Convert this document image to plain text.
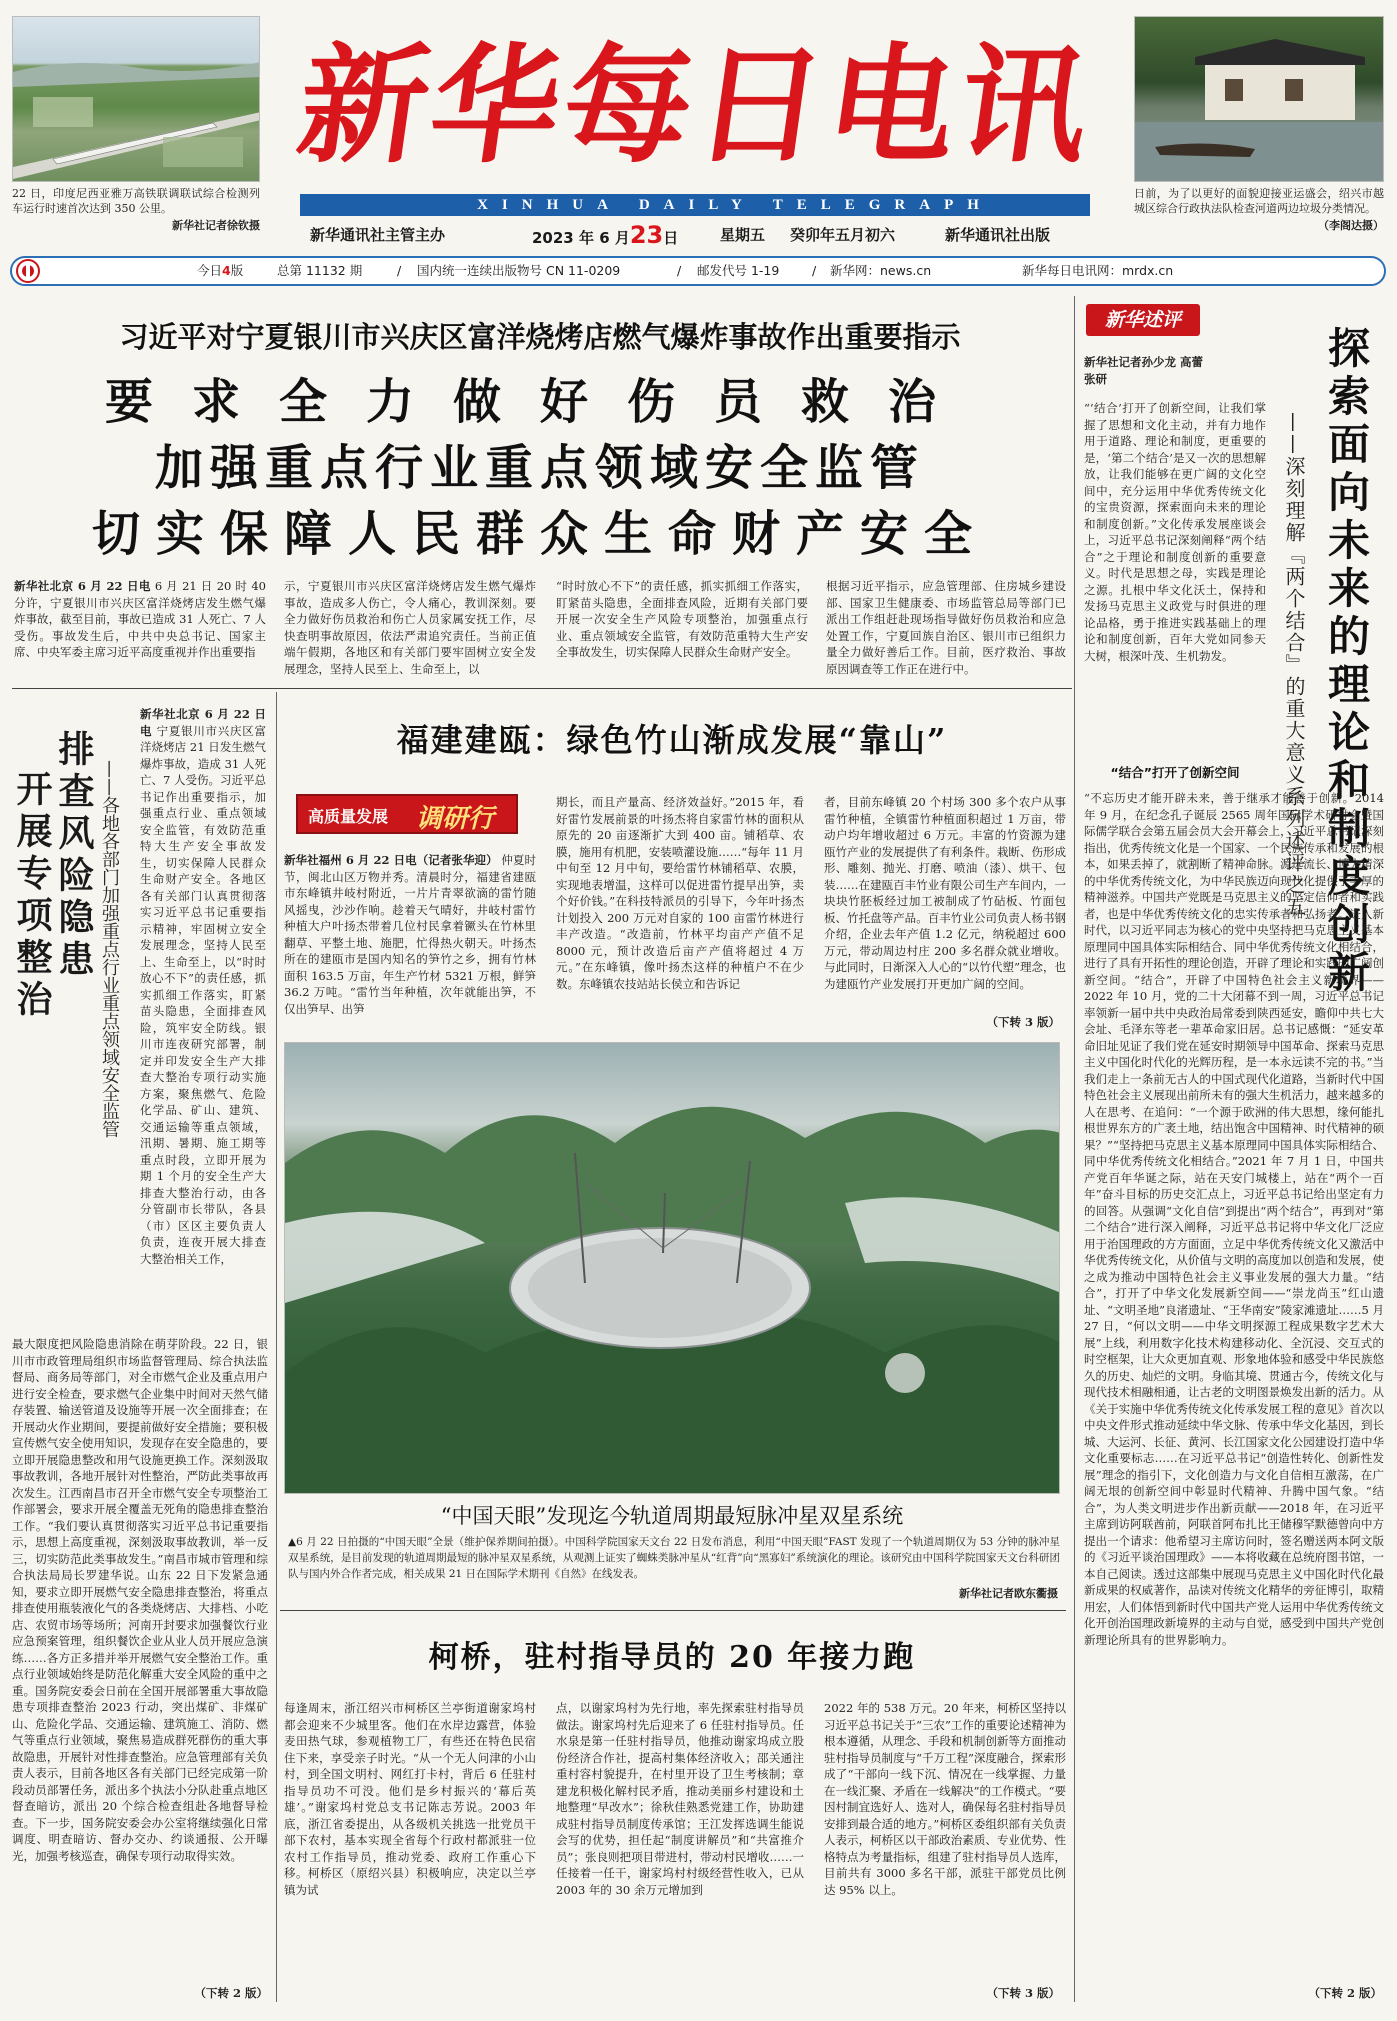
22 日，印度尼西亚雅万高铁联调联试综合检测列车运行时速首次达到 350 公里。
新华社记者徐钦摄
新华每日电讯
XINHUA DAILY TELEGRAPH
新华通讯社主管主办	2023 年 6 月23日	星期五 癸卯年五月初六	新华通讯社出版
日前，为了以更好的面貌迎接亚运盛会，绍兴市越城区综合行政执法队检查河道两边垃圾分类情况。
（李阁达摄）
今日4版	总第 11132 期	/ 国内统一连续出版物号 CN 11-0209	/ 邮发代号 1-19	/ 新华网：news.cn	新华每日电讯网：mrdx.cn
习近平对宁夏银川市兴庆区富洋烧烤店燃气爆炸事故作出重要指示
要求全力做好伤员救治
加强重点行业重点领域安全监管
切实保障人民群众生命财产安全
新华社北京 6 月 22 日电 6 月 21 日 20 时 40 分许，宁夏银川市兴庆区富洋烧烤店发生燃气爆炸事故，截至目前，事故已造成 31 人死亡、7 人受伤。事故发生后，中共中央总书记、国家主席、中央军委主席习近平高度重视并作出重要指
示，宁夏银川市兴庆区富洋烧烤店发生燃气爆炸事故，造成多人伤亡，令人痛心，教训深刻。要全力做好伤员救治和伤亡人员家属安抚工作，尽快查明事故原因，依法严肃追究责任。当前正值端午假期，各地区和有关部门要牢固树立安全发展理念，坚持人民至上、生命至上，以
“时时放心不下”的责任感，抓实抓细工作落实，盯紧苗头隐患，全面排查风险，近期有关部门要开展一次安全生产风险专项整治，加强重点行业、重点领域安全监管，有效防范重特大生产安全事故发生，切实保障人民群众生命财产安全。
根据习近平指示，应急管理部、住房城乡建设部、国家卫生健康委、市场监管总局等部门已派出工作组赶赴现场指导做好伤员救治和应急处置工作，宁夏回族自治区、银川市已组织力量全力做好善后工作。目前，医疗救治、事故原因调查等工作正在进行中。
排查风险隐患
开展专项整治	——各地各部门加强重点行业重点领域安全监管
新华社北京 6 月 22 日电 宁夏银川市兴庆区富洋烧烤店 21 日发生燃气爆炸事故，造成 31 人死亡、7 人受伤。习近平总书记作出重要指示，加强重点行业、重点领域安全监管，有效防范重特大生产安全事故发生，切实保障人民群众生命财产安全。各地区各有关部门认真贯彻落实习近平总书记重要指示精神，牢固树立安全发展理念，坚持人民至上、生命至上，以“时时放心不下”的责任感，抓实抓细工作落实，盯紧苗头隐患，全面排查风险，筑牢安全防线。银川市连夜研究部署，制定并印发安全生产大排查大整治专项行动实施方案，聚焦燃气、危险化学品、矿山、建筑、交通运输等重点领域，汛期、暑期、施工期等重点时段，立即开展为期 1 个月的安全生产大排查大整治行动，由各分管副市长带队，各县（市）区区主要负责人负责，连夜开展大排查大整治相关工作，
最大限度把风险隐患消除在萌芽阶段。22 日，银川市市政管理局组织市场监督管理局、综合执法监督局、商务局等部门，对全市燃气企业及重点用户进行安全检查，要求燃气企业集中时间对天然气储存装置、输送管道及设施等开展一次全面排查；在开展动火作业期间，要提前做好安全措施；要积极宣传燃气安全使用知识，发现存在安全隐患的，要立即开展隐患整改和用气设施更换工作。深刻汲取事故教训，各地开展针对性整治，严防此类事故再次发生。江西南昌市召开全市燃气安全专项整治工作部署会，要求开展全覆盖无死角的隐患排查整治工作。“我们要认真贯彻落实习近平总书记重要指示，思想上高度重视，深刻汲取事故教训，举一反三，切实防范此类事故发生。”南昌市城市管理和综合执法局局长罗建华说。山东 22 日下发紧急通知，要求立即开展燃气安全隐患排查整治，将重点排查使用瓶装液化气的各类烧烤店、大排档、小吃店、农贸市场等场所；河南开封要求加强餐饮行业应急预案管理，组织餐饮企业从业人员开展应急演练……各方正多措并举开展燃气安全整治工作。重点行业领域始终是防范化解重大安全风险的重中之重。国务院安委会日前在全国开展部署重大事故隐患专项排查整治 2023 行动，突出煤矿、非煤矿山、危险化学品、交通运输、建筑施工、消防、燃气等重点行业领域，聚焦易造成群死群伤的重大事故隐患，开展针对性排查整治。应急管理部有关负责人表示，目前各地区各有关部门已经完成第一阶段动员部署任务，派出多个执法小分队赴重点地区督查暗访，派出 20 个综合检查组赴各地督导检查。下一步，国务院安委会办公室将继续强化日常调度、明查暗访、督办交办、约谈通报、公开曝光，加强考核巡查，确保专项行动取得实效。
（下转 2 版）
福建建瓯：绿色竹山渐成发展“靠山”
高质量发展 调研行
新华社福州 6 月 22 日电（记者张华迎） 仲夏时节，闽北山区万物并秀。清晨时分，福建省建瓯市东峰镇井岐村附近，一片片青翠欲滴的雷竹随风摇曳，沙沙作响。趁着天气晴好，井岐村雷竹种植大户叶扬杰带着几位村民拿着镢头在竹林里翻草、平整土地、施肥，忙得热火朝天。叶扬杰所在的建瓯市是国内知名的笋竹之乡，拥有竹林面积 163.5 万亩，年生产竹材 5321 万根，鲜笋 36.2 万吨。“雷竹当年种植，次年就能出笋，不仅出笋早、出笋
期长，而且产量高、经济效益好。”2015 年，看好雷竹发展前景的叶扬杰将自家雷竹林的面积从原先的 20 亩逐渐扩大到 400 亩。铺稻草、农膜，施用有机肥，安装喷灌设施……“每年 11 月中旬至 12 月中旬，要给雷竹林铺稻草、农膜，实现地表增温，这样可以促进雷竹提早出笋，卖个好价钱。”在科技特派员的引导下，今年叶扬杰计划投入 200 万元对自家的 100 亩雷竹林进行丰产改造。“改造前，竹林平均亩产产值不足 8000 元，预计改造后亩产产值将超过 4 万元。”在东峰镇，像叶扬杰这样的种植户不在少数。东峰镇农技站站长侯立和告诉记
者，目前东峰镇 20 个村场 300 多个农户从事雷竹种植，全镇雷竹种植面积超过 1 万亩，带动户均年增收超过 6 万元。丰富的竹资源为建瓯竹产业的发展提供了有利条件。栽断、伤形成形、雕刻、抛光、打磨、喷油（漆）、烘干、包装……在建瓯百丰竹业有限公司生产车间内，一块块竹胚板经过加工被制成了竹砧板、竹面包板、竹托盘等产品。百丰竹业公司负责人杨书钢介绍，企业去年产值 1.2 亿元，纳税超过 600 万元，带动周边村庄 200 多名群众就业增收。与此同时，日渐深入人心的“以竹代塑”理念，也为建瓯竹产业发展打开更加广阔的空间。
（下转 3 版）
“中国天眼”发现迄今轨道周期最短脉冲星双星系统
▲6 月 22 日拍摄的“中国天眼”全景（维护保养期间拍摄）。中国科学院国家天文台 22 日发布消息，利用“中国天眼”FAST 发现了一个轨道周期仅为 53 分钟的脉冲星双星系统，是目前发现的轨道周期最短的脉冲星双星系统，从观测上证实了蜘蛛类脉冲星从“红背”向“黑寡妇”系统演化的理论。该研究由中国科学院国家天文台科研团队与国内外合作者完成，相关成果 21 日在国际学术期刊《自然》在线发表。
新华社记者欧东衢摄
柯桥，驻村指导员的 20 年接力跑
每逢周末，浙江绍兴市柯桥区兰亭街道谢家坞村都会迎来不少城里客。他们在水岸边露营，体验麦田热气球，参观植物工厂，有些还在特色民宿住下来，享受亲子时光。“从一个无人问津的小山村，到全国文明村、网红打卡村，背后 6 任驻村指导员功不可没。他们是乡村振兴的‘幕后英雄’。”谢家坞村党总支书记陈志芳说。2003 年底，浙江省委提出，从各级机关挑选一批党员干部下农村，基本实现全省每个行政村都派驻一位农村工作指导员，推动党委、政府工作重心下移。柯桥区（原绍兴县）积极响应，决定以兰亭镇为试
点，以谢家坞村为先行地，率先探索驻村指导员做法。谢家坞村先后迎来了 6 任驻村指导员。任水泉是第一任驻村指导员，他推动谢家坞成立股份经济合作社，提高村集体经济收入；邵关通注重村容村貌提升，在村里开设了卫生考核制；章建龙积极化解村民矛盾，推动美丽乡村建设和土地整理“早改水”；徐秋佳熟悉党建工作，协助建成驻村指导员制度传承馆；王江发挥选调生能说会写的优势，担任起“制度讲解员”和“共富推介员”；张良则把项目带进村，带动村民增收……一任接着一任干，谢家坞村村级经营性收入，已从 2003 年的 30 余万元增加到
2022 年的 538 万元。20 年来，柯桥区坚持以习近平总书记关于“三农”工作的重要论述精神为根本遵循，从理念、手段和机制创新等方面推动驻村指导员制度与“千万工程”深度融合，探索形成了“干部向一线下沉、情况在一线掌握、力量在一线汇聚、矛盾在一线解决”的工作模式。“要因村制宜选好人、选对人，确保每名驻村指导员安排到最合适的地方。”柯桥区委组织部有关负责人表示，柯桥区以干部政治素质、专业优势、性格特点为考量指标，组建了驻村指导员人选库，目前共有 3000 多名干部，派驻干部党员比例达 95% 以上。
（下转 3 版）
新华述评
新华社记者孙少龙 高蕾 张研	探索面向未来的理论和制度创新
——深刻理解『两个结合』的重大意义系列述评之五
“‘结合’打开了创新空间，让我们掌握了思想和文化主动，并有力地作用于道路、理论和制度，更重要的是，‘第二个结合’是又一次的思想解放，让我们能够在更广阔的文化空间中，充分运用中华优秀传统文化的宝贵资源，探索面向未来的理论和制度创新。”文化传承发展座谈会上，习近平总书记深刻阐释“两个结合”之于理论和制度创新的重要意义。时代是思想之母，实践是理论之源。扎根中华文化沃土，保持和发扬马克思主义政党与时俱进的理论品格，勇于推进实践基础上的理论和制度创新，百年大党如同参天大树，根深叶茂、生机勃发。
“结合”打开了创新空间
“不忘历史才能开辟未来，善于继承才能善于创新。”2014 年 9 月，在纪念孔子诞辰 2565 周年国际学术研讨会暨国际儒学联合会第五届会员大会开幕会上，习近平总书记深刻指出，优秀传统文化是一个国家、一个民族传承和发展的根本，如果丢掉了，就割断了精神命脉。源远流长、博大精深的中华优秀传统文化，为中华民族迈向现代化提供了丰厚的精神滋养。中国共产党既是马克思主义的坚定信仰者和实践者，也是中华优秀传统文化的忠实传承者和弘扬者。进入新时代，以习近平同志为核心的党中央坚持把马克思主义基本原理同中国具体实际相结合、同中华优秀传统文化相结合，进行了具有开拓性的理论创造，开辟了理论和实践的广阔创新空间。“结合”，开辟了中国特色社会主义新境界——2022 年 10 月，党的二十大闭幕不到一周，习近平总书记率领新一届中共中央政治局常委到陕西延安，瞻仰中共七大会址、毛泽东等老一辈革命家旧居。总书记感慨：“延安革命旧址见证了我们党在延安时期领导中国革命、探索马克思主义中国化时代化的光辉历程，是一本永远读不完的书。”当我们走上一条前无古人的中国式现代化道路，当新时代中国特色社会主义展现出前所未有的强大生机活力，越来越多的人在思考、在追问：“一个源于欧洲的伟大思想，缘何能扎根世界东方的广袤土地，结出饱含中国精神、时代精神的硕果？”“坚持把马克思主义基本原理同中国具体实际相结合、同中华优秀传统文化相结合。”2021 年 7 月 1 日，中国共产党百年华诞之际，站在天安门城楼上，站在“两个一百年”奋斗目标的历史交汇点上，习近平总书记给出坚定有力的回答。从强调“文化自信”到提出“两个结合”，再到对“第二个结合”进行深入阐释，习近平总书记将中华文化厂泛应用于治国理政的方方面面，立足中华优秀传统文化又激活中华优秀传统文化，从价值与文明的高度加以创造和发展，使之成为推动中国特色社会主义事业发展的强大力量。“结合”，打开了中华文化发展新空间——“崇龙尚玉”红山遗址、“文明圣地”良渚遗址、“王华南安”陵家滩遗址……5 月 27 日，“何以文明——中华文明探源工程成果数字艺术大展”上线，利用数字化技术构建移动化、全沉浸、交互式的时空框架，让大众更加直观、形象地体验和感受中华民族悠久的历史、灿烂的文明。身临其境、贯通古今，传统文化与现代技术相融相通，让古老的文明图景焕发出新的活力。从《关于实施中华优秀传统文化传承发展工程的意见》首次以中央文件形式推动延续中华文脉、传承中华文化基因，到长城、大运河、长征、黄河、长江国家文化公园建设打造中华文化重要标志……在习近平总书记“创造性转化、创新性发展”理念的指引下，文化创造力与文化自信相互激荡，在广阔无垠的创新空间中彰显时代精神、升腾中国气象。“结合”，为人类文明进步作出新贡献——2018 年，在习近平主席到访阿联酋前，阿联首阿布扎比王储穆罕默德曾向中方提出一个请求：他希望习主席访问时，签名赠送两本阿文版的《习近平谈治国理政》——本将收藏在总统府图书馆，一本自己阅读。透过这部集中展现马克思主义中国化时代化最新成果的权威著作，品读对传统文化精华的旁征博引，取精用宏，人们体悟到新时代中国共产党人运用中华优秀传统文化开创治国理政新境界的主动与自觉，感受到中国共产党创新理论所具有的世界影响力。
（下转 2 版）
